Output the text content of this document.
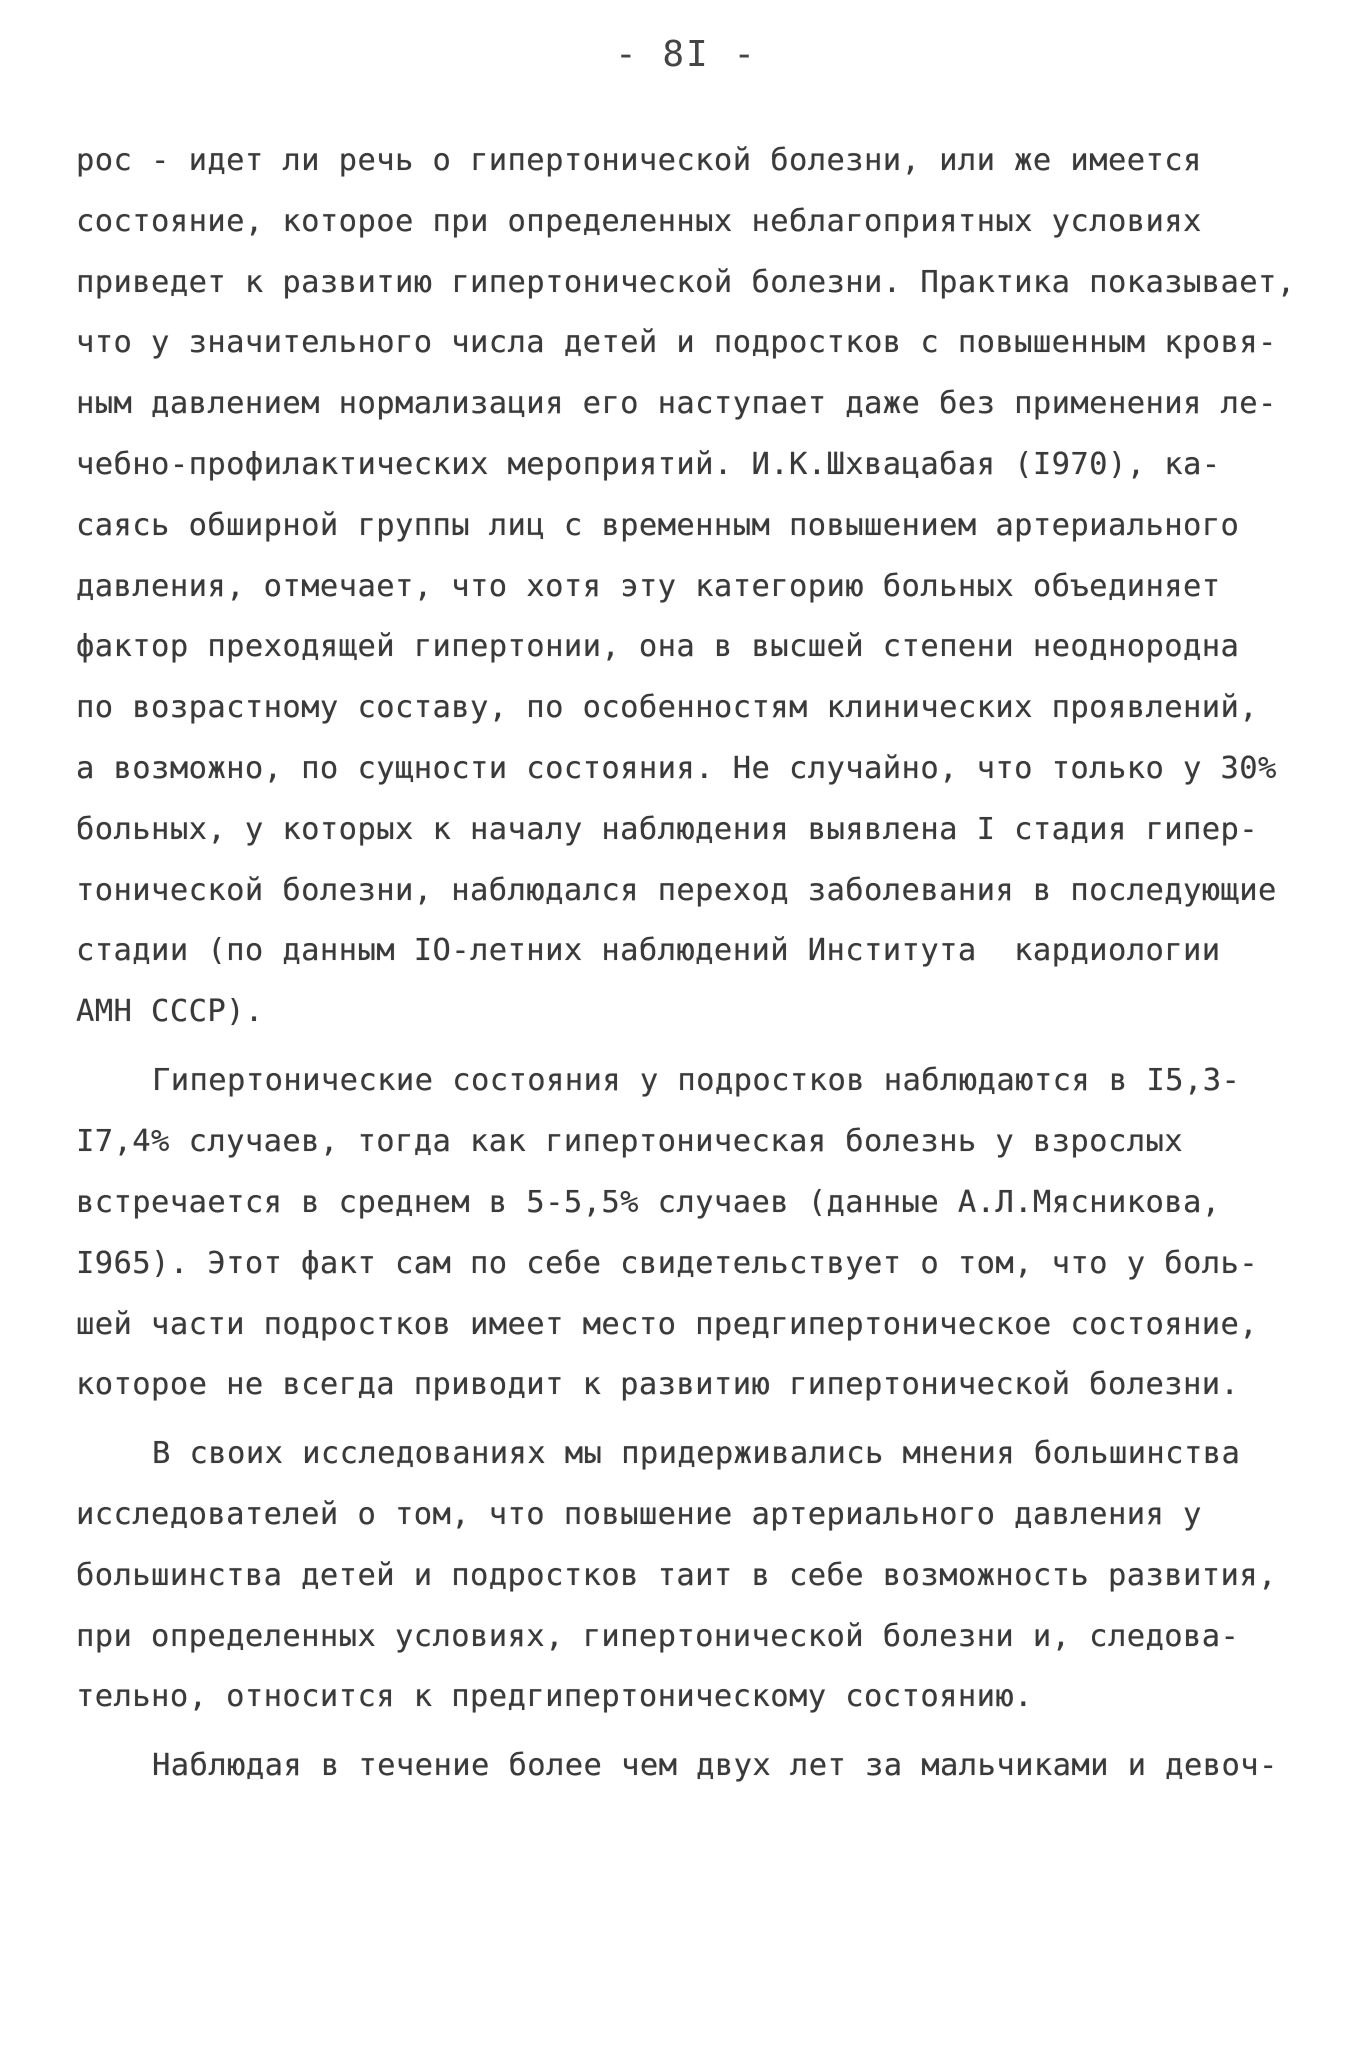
- 8I -
рос - идет ли речь о гипертонической болезни, или же имеется
состояние, которое при определенных неблагоприятных условиях
приведет к развитию гипертонической болезни. Практика показывает,
что у значительного числа детей и подростков с повышенным кровя-
ным давлением нормализация его наступает даже без применения ле-
чебно-профилактических мероприятий. И.К.Шхвацабая (I970), ка-
саясь обширной группы лиц с временным повышением артериального
давления, отмечает, что хотя эту категорию больных объединяет
фактор преходящей гипертонии, она в высшей степени неоднородна
по возрастному составу, по особенностям клинических проявлений,
а возможно, по сущности состояния. Не случайно, что только у 30%
больных, у которых к началу наблюдения выявлена I стадия гипер-
тонической болезни, наблюдался переход заболевания в последующие
стадии (по данным IO-летних наблюдений Института  кардиологии
АМН СССР).
Гипертонические состояния у подростков наблюдаются в I5,3-
I7,4% случаев, тогда как гипертоническая болезнь у взрослых
встречается в среднем в 5-5,5% случаев (данные А.Л.Мясникова,
I965). Этот факт сам по себе свидетельствует о том, что у боль-
шей части подростков имеет место предгипертоническое состояние,
которое не всегда приводит к развитию гипертонической болезни.
В своих исследованиях мы придерживались мнения большинства
исследователей о том, что повышение артериального давления у
большинства детей и подростков таит в себе возможность развития,
при определенных условиях, гипертонической болезни и, следова-
тельно, относится к предгипертоническому состоянию.
Наблюдая в течение более чем двух лет за мальчиками и девоч-
